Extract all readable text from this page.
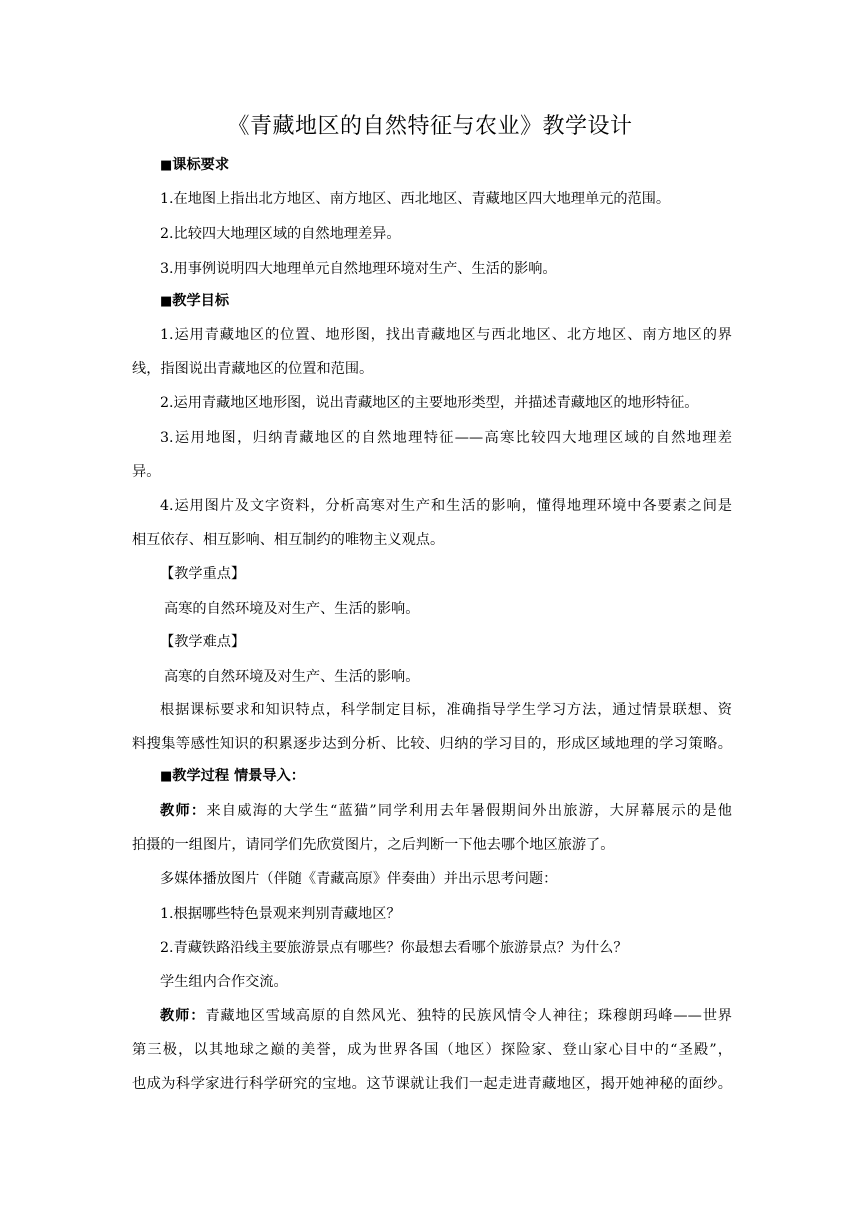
《青藏地区的自然特征与农业》教学设计
■课标要求
1.在地图上指出北方地区、南方地区、西北地区、青藏地区四大地理单元的范围。
2.比较四大地理区域的自然地理差异。
3.用事例说明四大地理单元自然地理环境对生产、生活的影响。
■教学目标
1.运用青藏地区的位置、地形图，找出青藏地区与西北地区、北方地区、南方地区的界
线，指图说出青藏地区的位置和范围。
2.运用青藏地区地形图，说出青藏地区的主要地形类型，并描述青藏地区的地形特征。
3.运用地图，归纳青藏地区的自然地理特征——高寒比较四大地理区域的自然地理差
异。
4.运用图片及文字资料，分析高寒对生产和生活的影响，懂得地理环境中各要素之间是
相互依存、相互影响、相互制约的唯物主义观点。
【教学重点】
高寒的自然环境及对生产、生活的影响。
【教学难点】
高寒的自然环境及对生产、生活的影响。
根据课标要求和知识特点，科学制定目标，准确指导学生学习方法，通过情景联想、资
料搜集等感性知识的积累逐步达到分析、比较、归纳的学习目的，形成区域地理的学习策略。
■教学过程 情景导入：
教师：来自威海的大学生“蓝猫”同学利用去年暑假期间外出旅游，大屏幕展示的是他
拍摄的一组图片，请同学们先欣赏图片，之后判断一下他去哪个地区旅游了。
多媒体播放图片（伴随《青藏高原》伴奏曲）并出示思考问题：
1.根据哪些特色景观来判别青藏地区？
2.青藏铁路沿线主要旅游景点有哪些？你最想去看哪个旅游景点？为什么？
学生组内合作交流。
教师：青藏地区雪域高原的自然风光、独特的民族风情令人神往；珠穆朗玛峰——世界
第三极，以其地球之巅的美誉，成为世界各国（地区）探险家、登山家心目中的“圣殿”，
也成为科学家进行科学研究的宝地。这节课就让我们一起走进青藏地区，揭开她神秘的面纱。
